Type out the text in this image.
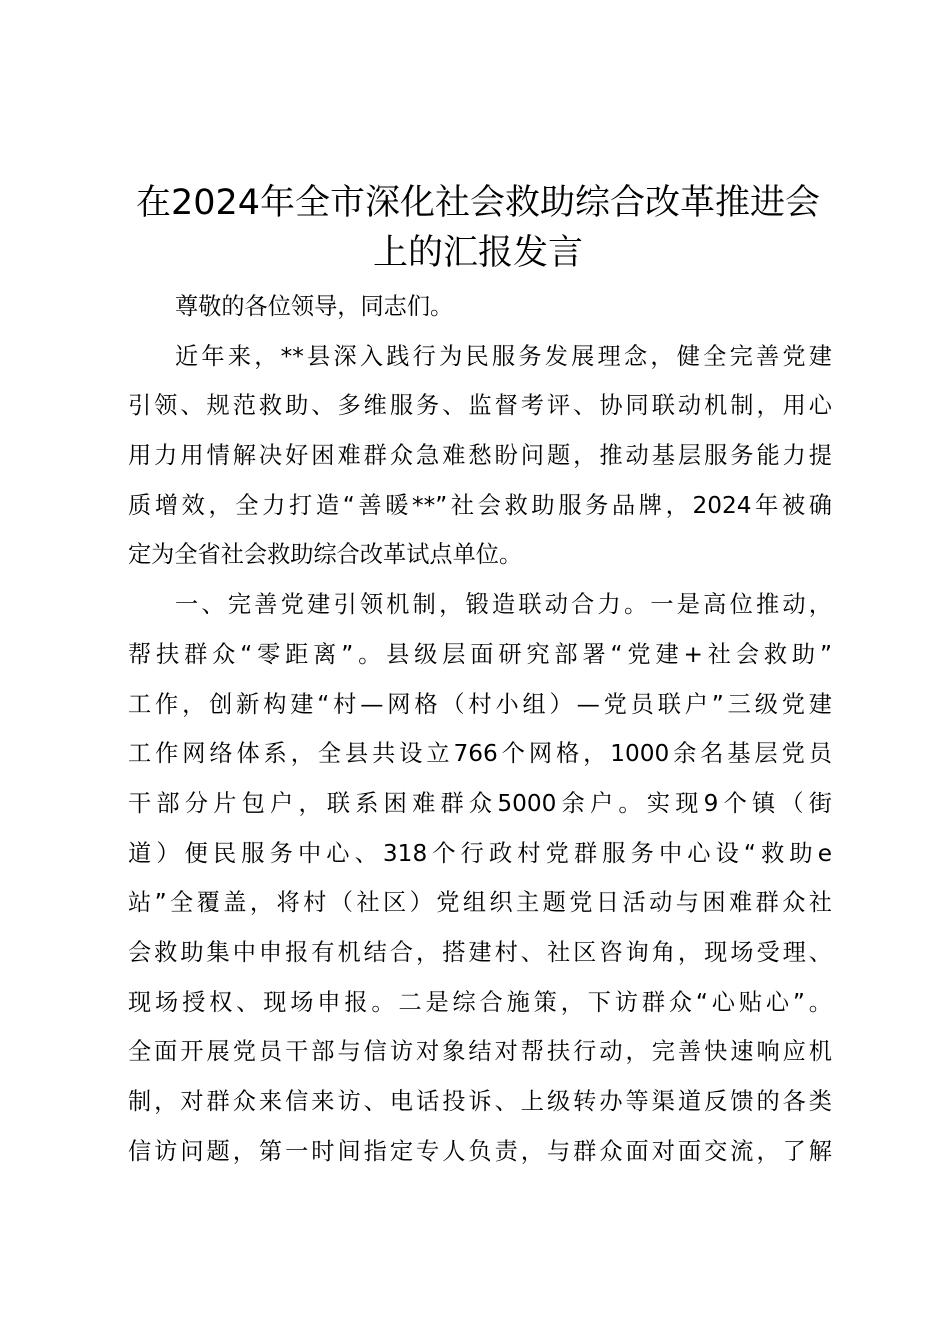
在2024年全市深化社会救助综合改革推进会
上的汇报发言
尊敬的各位领导，同志们。
近年来，**县深入践行为民服务发展理念，健全完善党建
引领、规范救助、多维服务、监督考评、协同联动机制，用心
用力用情解决好困难群众急难愁盼问题，推动基层服务能力提
质增效，全力打造“善暖**”社会救助服务品牌，2024年被确
定为全省社会救助综合改革试点单位。
一、完善党建引领机制，锻造联动合力。一是高位推动，
帮扶群众“零距离”。县级层面研究部署“党建+社会救助”
工作，创新构建“村—网格（村小组）—党员联户”三级党建
工作网络体系，全县共设立766个网格，1000余名基层党员
干部分片包户，联系困难群众5000余户。实现9个镇（街
道）便民服务中心、318个行政村党群服务中心设“救助e
站”全覆盖，将村（社区）党组织主题党日活动与困难群众社
会救助集中申报有机结合，搭建村、社区咨询角，现场受理、
现场授权、现场申报。二是综合施策，下访群众“心贴心”。
全面开展党员干部与信访对象结对帮扶行动，完善快速响应机
制，对群众来信来访、电话投诉、上级转办等渠道反馈的各类
信访问题，第一时间指定专人负责，与群众面对面交流，了解
